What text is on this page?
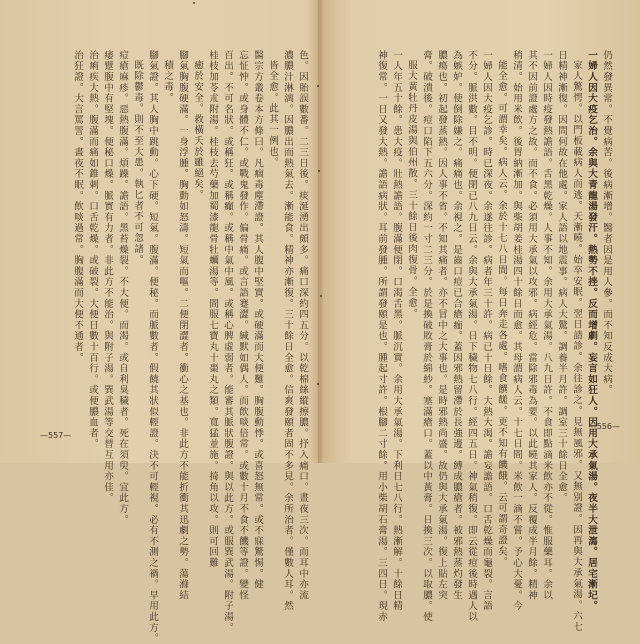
色。因貽誤數番。二三日後。痰涎湧出頗多。痛口深約四五分。以乾棉絲縱擦膿。抒入痛口。晝夜三次。而耳中亦流
濃膿汁淋漓。因膿出而熱氣去。漸能食。精神亦漸復。三十餘日全愈。信爽發頤者固不多見。余所治者。僅數人耳。然
皆全愈。此其一例也。
醫宗方叢卷本方條曰。凡痼毒塵滯證。其人腹中堅實。或硬滿而大便難。胸腹動悸。或喜怒無常。或不寐驚惕。健
忘怔忡。或身體不仁。或戰鬼發作。偏骨痛。或言語蹇澀。緘默如偶人。而飲啖倍常。或數十月不食不饑等證。變怪
百出。不可名狀。或稱狂。或稱癲。或稱中氣中風。或稱心脾虛弱者。能審其脈狀腹證。與以此方。或服巽武湯。附子湯。
桂枝加苓朮附湯。桂枝去芍藥加蜀漆龍骨牡蠣湯等。間服七寶丸十棗丸之類。寬猛並施。掎角以攻。則可回難
癒於安全。救橫夭於雖絕矣。
腳氣胸腹硬滿。一身浮腫。胸動如怒濤。短氣而嘔。二便閉澀者。衝心之基也。非此方不能折衝其迅劇之勢。蕩滌結
積之毒。
腳氣證。其人胸中跳動。心下硬。短氣。腹滿。便秘。而脈數者。假饒其狀似輕證。決不可輕視。必有不測之禍。早用此方。
既除鬱毒。則不至大患。執匕者不可忽諸。
痘瘡麻疹。惡熱腹滿。煩躁。譫語。黑苔燥裂。不大便。而渴。或自利臭穢者。死在須臾。宜此方。
痿躄腹中有堅塊。便秘口燥。脈實有力者。非此方不能治。與附子湯。巽武湯等交替互用亦佳。
治痢疾大熱。腹滿而痛如錐刺。口舌乾燥。或破裂。大便日數十百行。或便膿血者。
治狂證。大言罵詈。晝夜不眠。飲啖過常。胸腹滿而大便不通者。
—557—
仍然發異常。不覺病苦。後病漸增。醫者因是用人參。而不知反成大病。
一婦人因大疫乞治。余與大青龍湯發汗。熱勢不挫。反而增劇。妄言如狂人。因用大承氣湯。夜半大泄瀉。居宅漸圮。
家人驚愕。以門板載病人而逃。天漸曉。始卒安眠。翌日請診。余往診之。見無風邪。又無別證。因再與大承氣湯。六七
日精神漸復。因問何故在他處。家人語以地震事。病人大驚。調養半月許。調室三十餘日全愈。
一婦人因時疫發熱譫語。舌黑乾燥。人事不知。余用大承氣湯。八九日許。不食即點滴米飲亦不從。惟服藥耳。余以
其不因前證處方之故。而不食。必須用大承氣以攻邪。病經危。當除邪毒為要。以此曉其家人。反覆成半月餘。精神
稍清。始用米飲。後胃納漸加。與柴胡姜桂湯四十餘日而愈。其母謂病人云。十七日間。米飲一滴不嘗。予心大憂。今
能全愈。可謂幸矣。病人云。余於十七八日間。每日奔走各處。嗜食饌饈。更不知有饑餓。云可謂奇證矣。
一婦人因大疫乞診。時已深夜。余遂往診。病者年三十許。病已十日餘。大熱大渴。譫妄譫語。口舌乾燥而龜裂。言語
不分。脈洪數。目不明。便閉已八九日云。余與大承氣湯。日下穢物七八行。經四五日。神氣稍復。即云從痘後時遇人以
為嫉妒。使倒除嫌之。痛痛也。余視之。是齒口痘已合瘡痂。蓋因邪熱留滯於長強邊。縛成膿瘡者。被邪熱蒸灼發生
膿瘍也。初起發蒸熱。因人事不省。不知其痛者。亦不冒中之大事也。是時邪熱尚盛。故仍與大承氣湯。復上貼左突
膏。破潰後。痘口陷下五六分。深約一寸二三分。於是換破敗膏於綿紗。塞滿瘡口。蓋以中黃膏。日換三次。以取膿。使
服大黃牡丹皮湯與伯州散。三十餘日後肉復骨。全愈。
一人年五十餘。患大疫。壯熱譫語。腹滿便閉。口渴舌黑。脈沉實。余用大承氣湯。下利日七八行。熱漸解。十餘日精
神復常。一日又發大熱。譫語病狀。耳前發腫。所謂發頤是也。腫起寸許。根腳二寸餘。用小柴胡石膏湯。三四日。現赤	—556—
